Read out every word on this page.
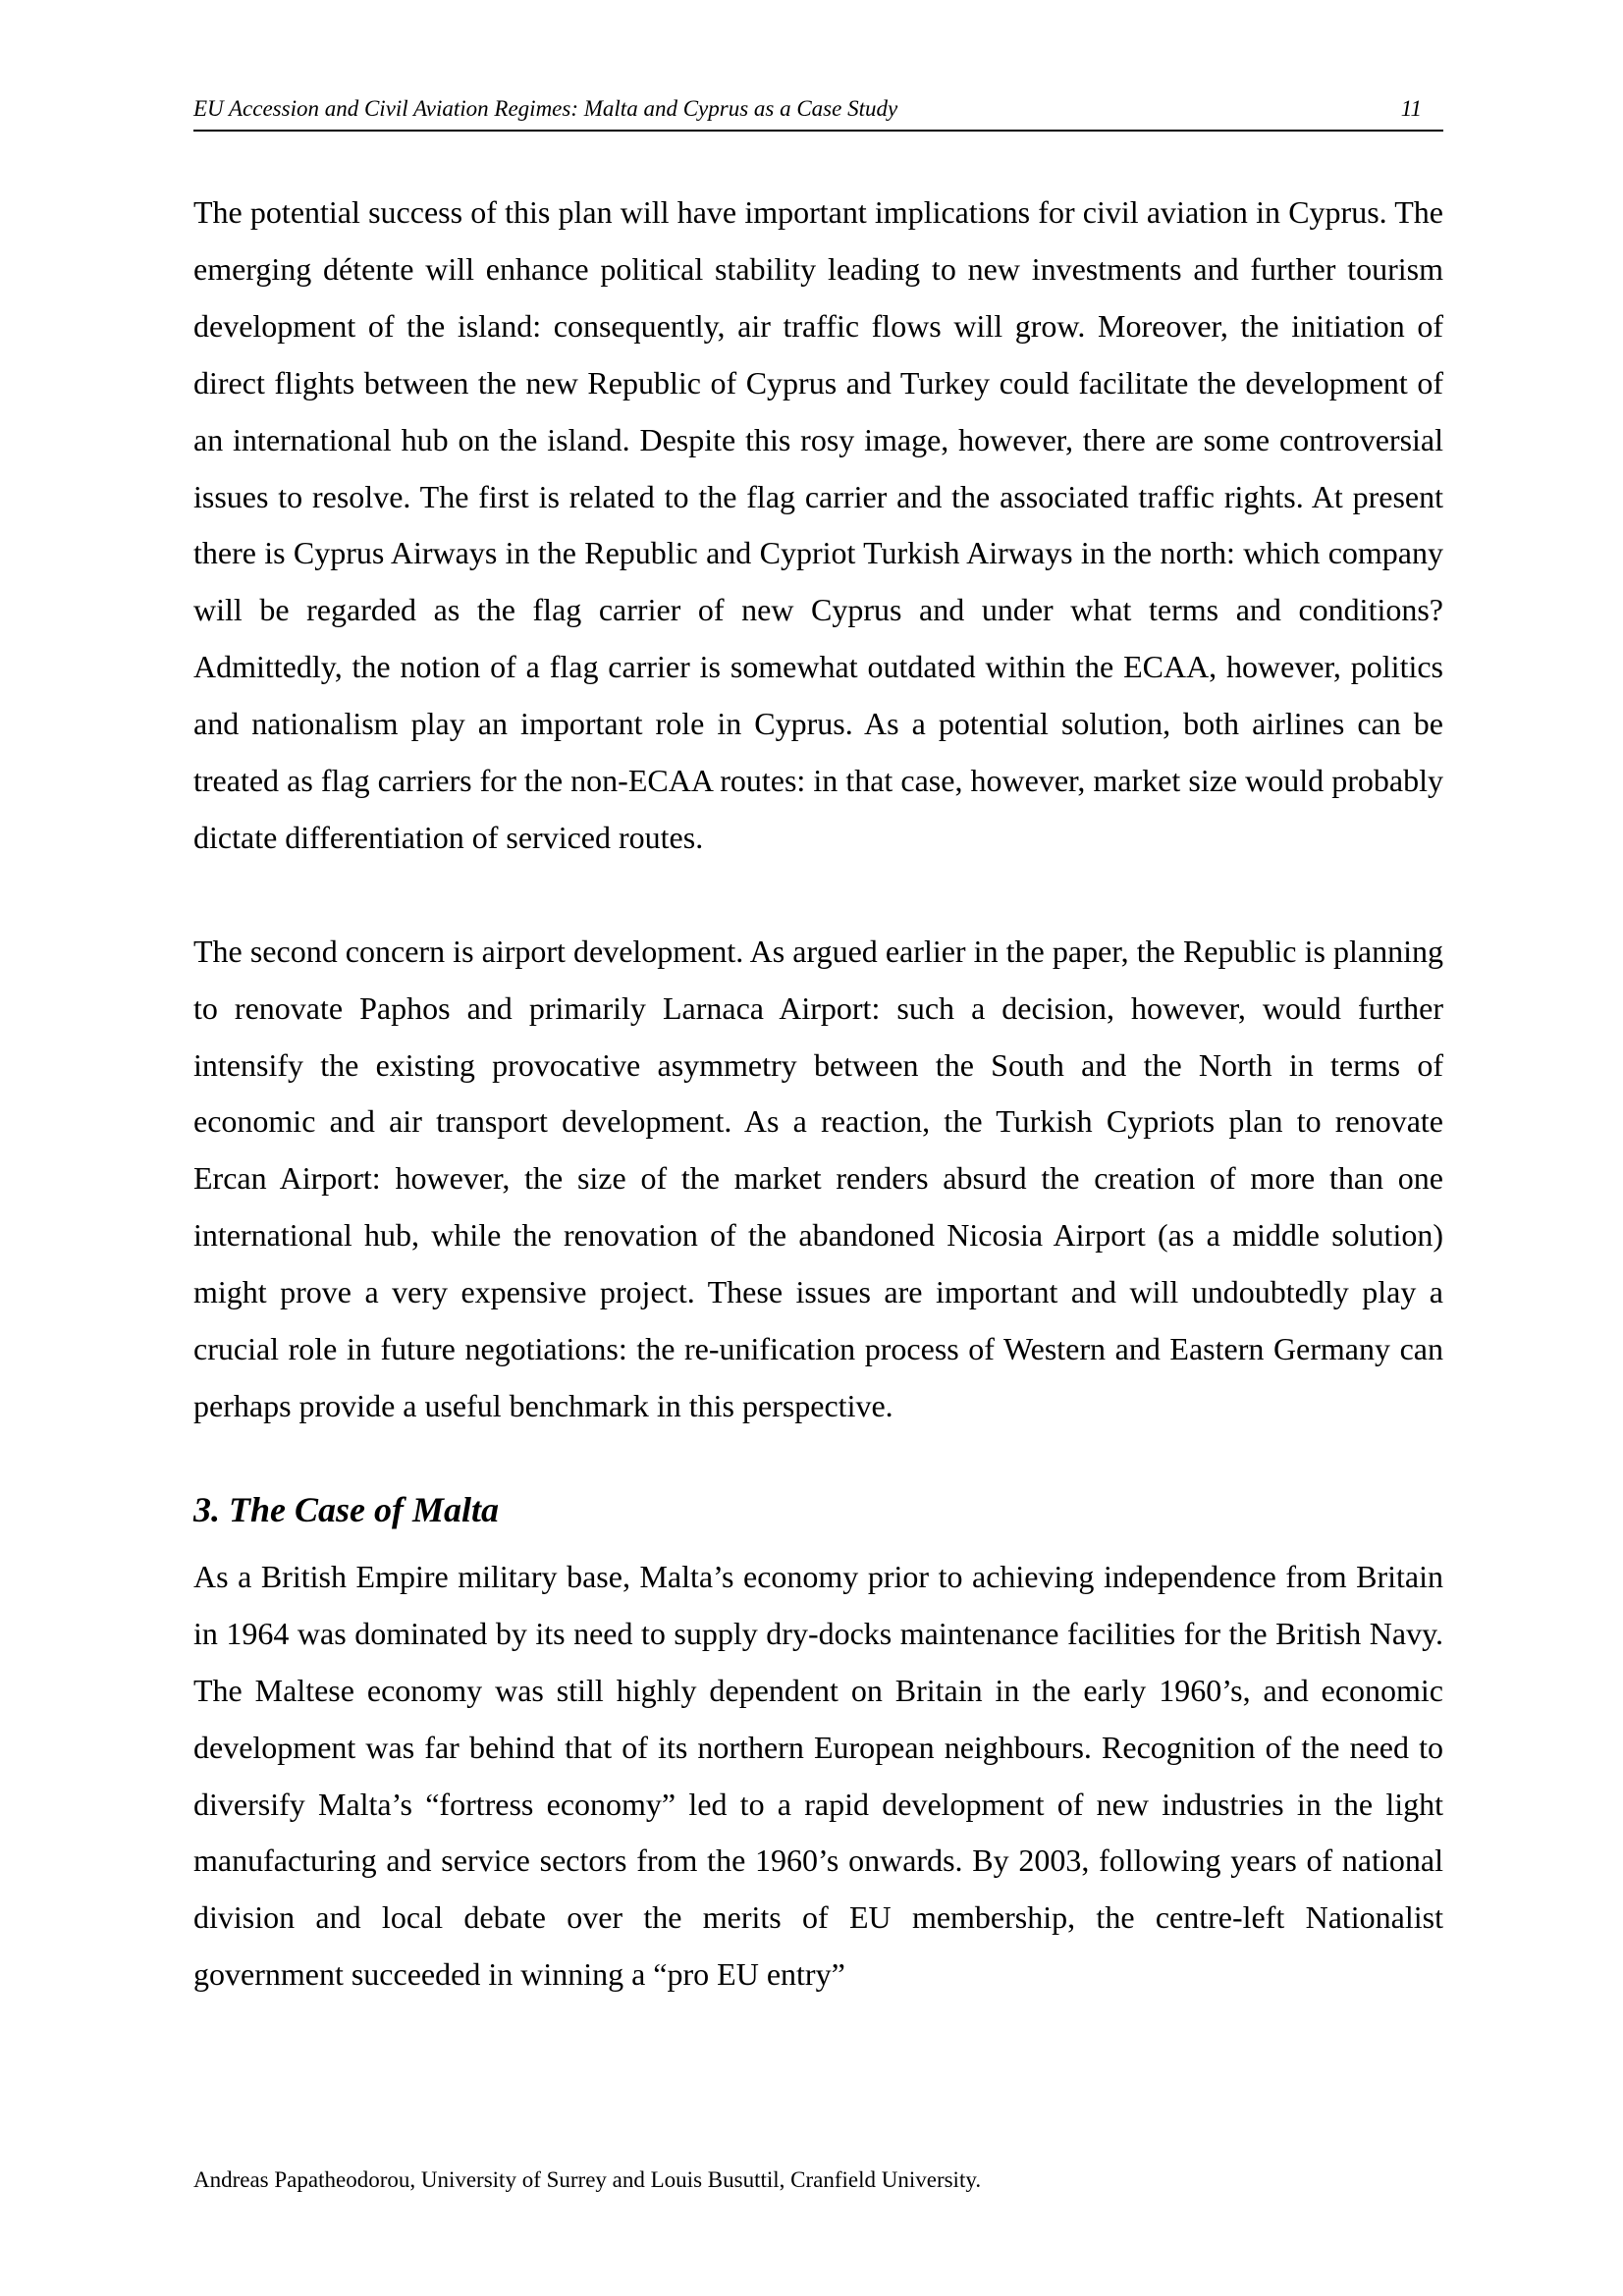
EU Accession and Civil Aviation Regimes: Malta and Cyprus as a Case Study	11

The potential success of this plan will have important implications for civil aviation in Cyprus. The emerging détente will enhance political stability leading to new investments and further tourism development of the island: consequently, air traffic flows will grow. Moreover, the initiation of direct flights between the new Republic of Cyprus and Turkey could facilitate the development of an international hub on the island. Despite this rosy image, however, there are some controversial issues to resolve. The first is related to the flag carrier and the associated traffic rights. At present there is Cyprus Airways in the Republic and Cypriot Turkish Airways in the north: which company will be regarded as the flag carrier of new Cyprus and under what terms and conditions? Admittedly, the notion of a flag carrier is somewhat outdated within the ECAA, however, politics and nationalism play an important role in Cyprus. As a potential solution, both airlines can be treated as flag carriers for the non-ECAA routes: in that case, however, market size would probably dictate differentiation of serviced routes.

The second concern is airport development. As argued earlier in the paper, the Republic is planning to renovate Paphos and primarily Larnaca Airport: such a decision, however, would further intensify the existing provocative asymmetry between the South and the North in terms of economic and air transport development. As a reaction, the Turkish Cypriots plan to renovate Ercan Airport: however, the size of the market renders absurd the creation of more than one international hub, while the renovation of the abandoned Nicosia Airport (as a middle solution) might prove a very expensive project. These issues are important and will undoubtedly play a crucial role in future negotiations: the re-unification process of Western and Eastern Germany can perhaps provide a useful benchmark in this perspective.

3. The Case of Malta

As a British Empire military base, Malta’s economy prior to achieving independence from Britain in 1964 was dominated by its need to supply dry-docks maintenance facilities for the British Navy. The Maltese economy was still highly dependent on Britain in the early 1960’s, and economic development was far behind that of its northern European neighbours. Recognition of the need to diversify Malta’s “fortress economy” led to a rapid development of new industries in the light manufacturing and service sectors from the 1960’s onwards. By 2003, following years of national division and local debate over the merits of EU membership, the centre-left Nationalist government succeeded in winning a “pro EU entry”

Andreas Papatheodorou, University of Surrey and Louis Busuttil, Cranfield University.
